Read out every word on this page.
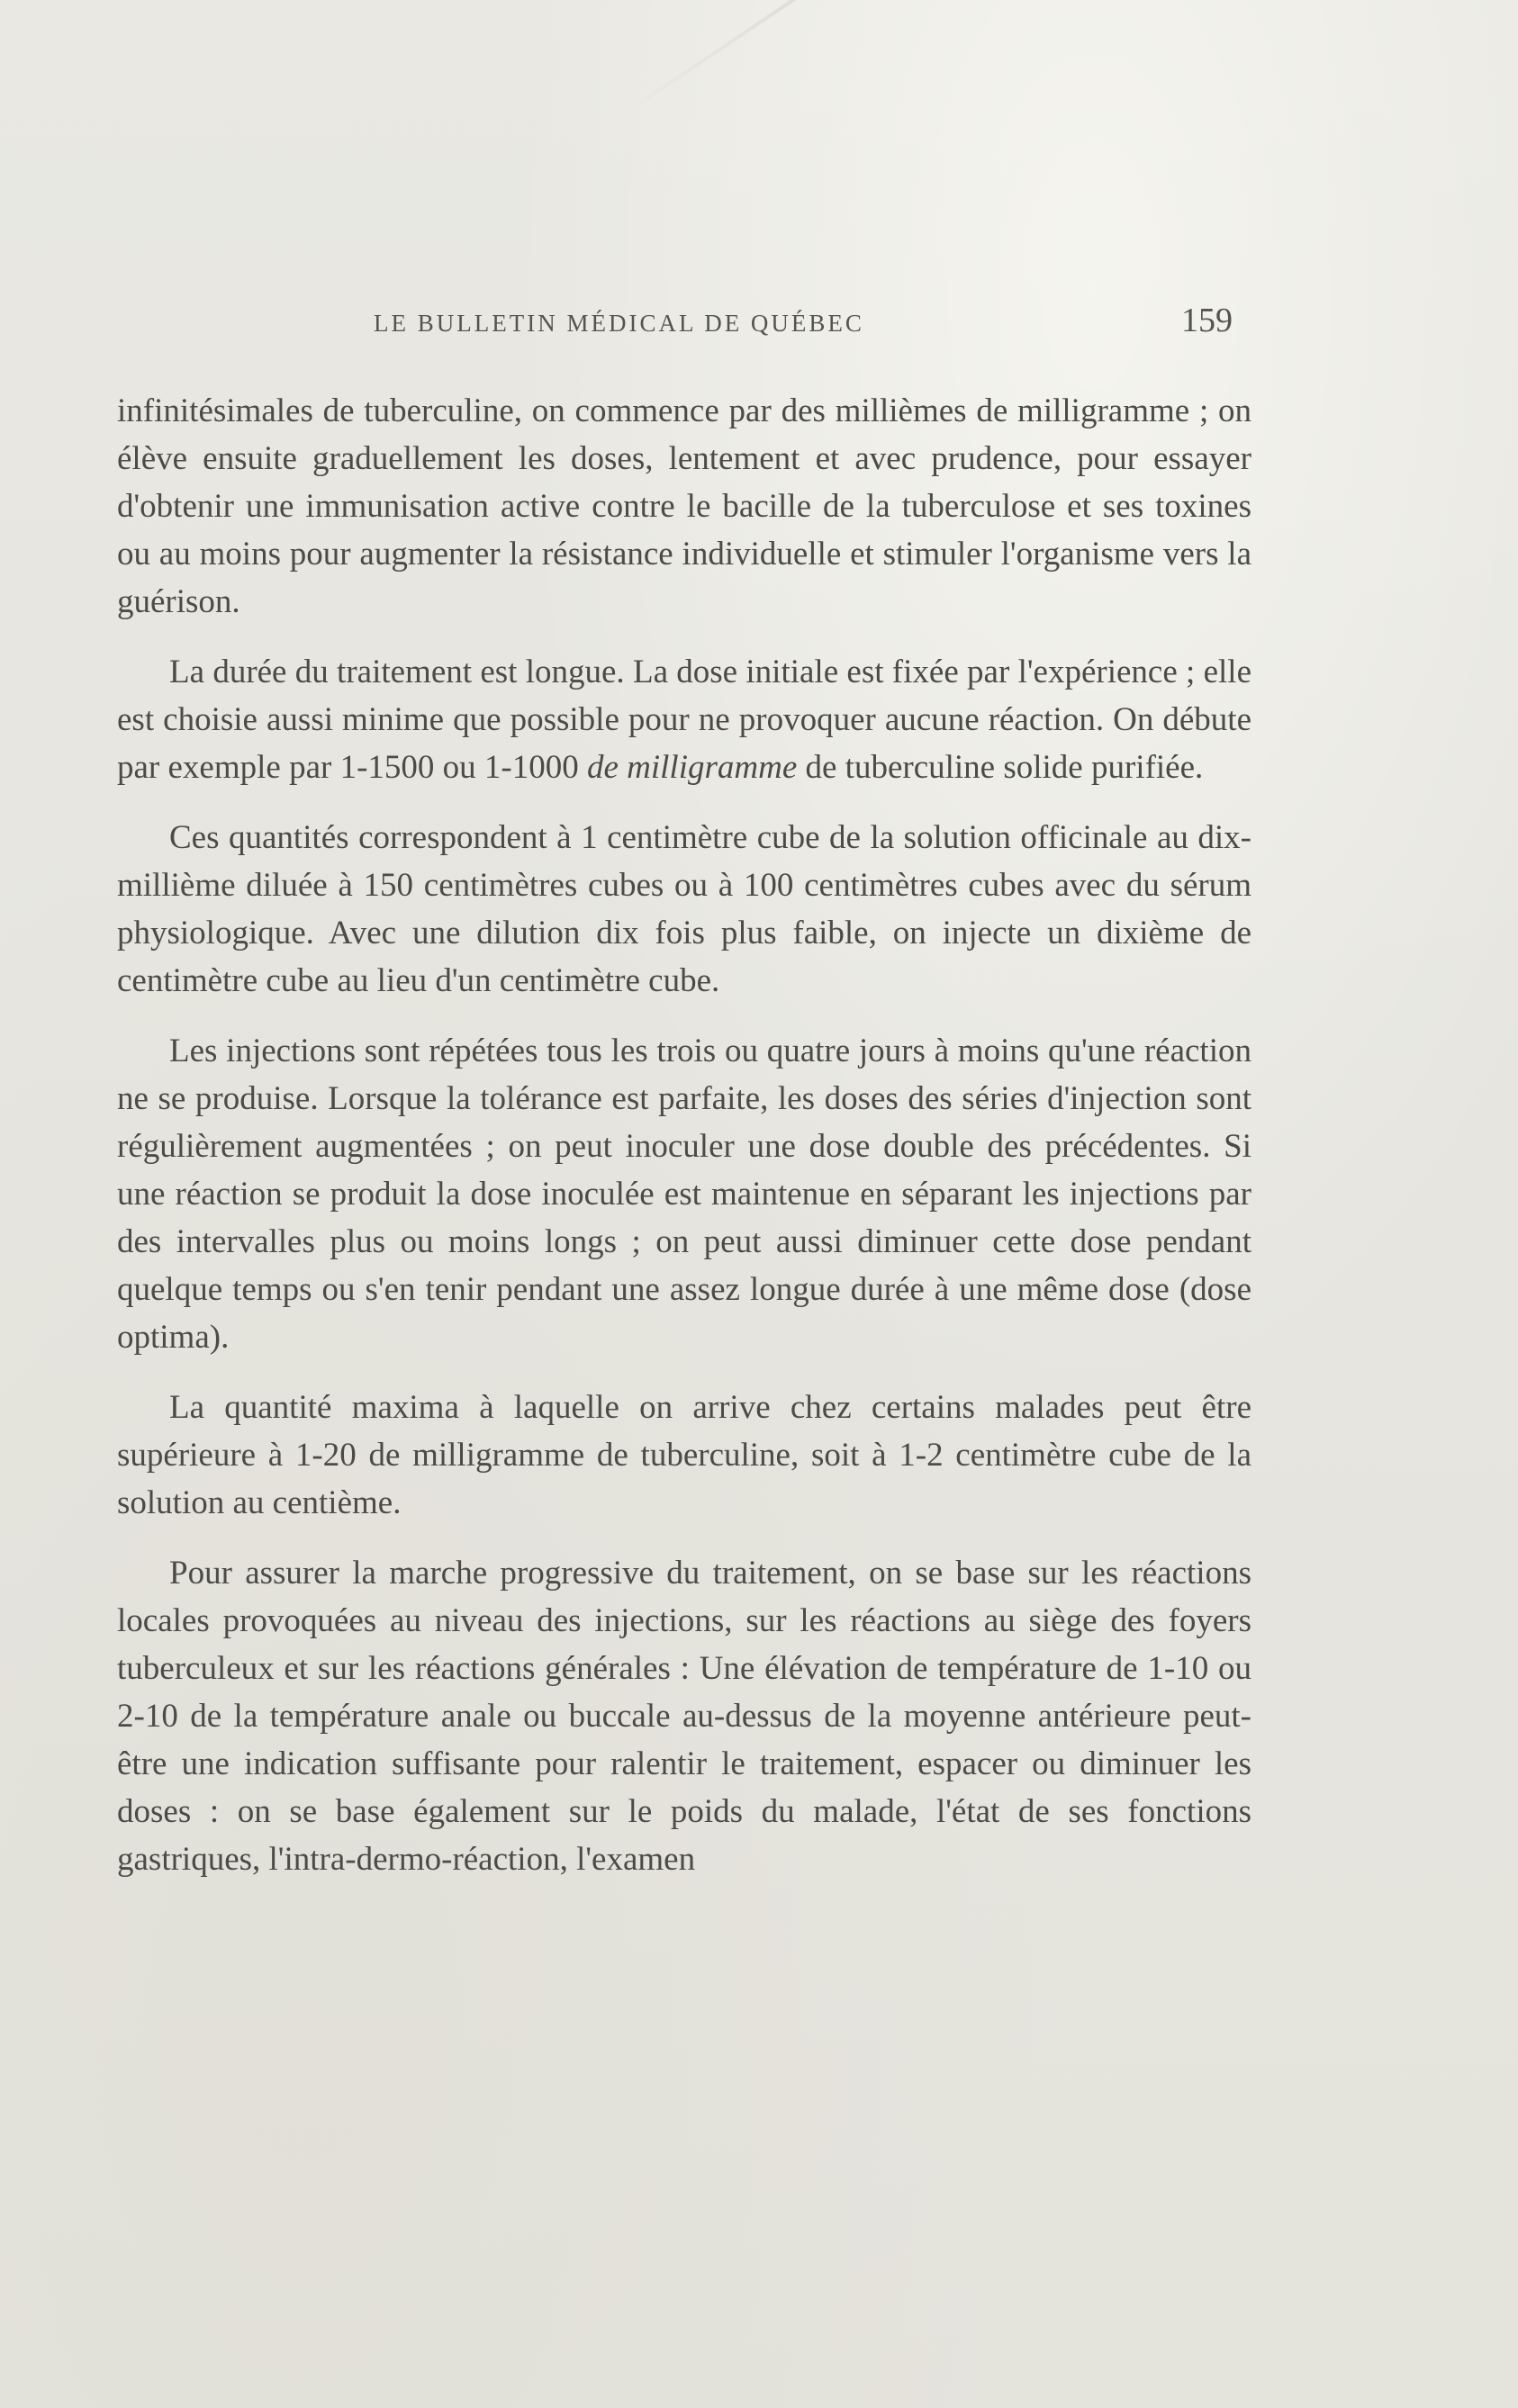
LE BULLETIN MÉDICAL DE QUÉBEC	159

infinitésimales de tuberculine, on commence par des millièmes de milligramme ; on élève ensuite graduellement les doses, lentement et avec prudence, pour essayer d'obtenir une immunisation active contre le bacille de la tuberculose et ses toxines ou au moins pour augmenter la résistance individuelle et stimuler l'organisme vers la guérison.

La durée du traitement est longue. La dose initiale est fixée par l'expérience ; elle est choisie aussi minime que possible pour ne provoquer aucune réaction. On débute par exemple par 1-1500 ou 1-1000 de milligramme de tuberculine solide purifiée.

Ces quantités correspondent à 1 centimètre cube de la solution officinale au dix-millième diluée à 150 centimètres cubes ou à 100 centimètres cubes avec du sérum physiologique. Avec une dilution dix fois plus faible, on injecte un dixième de centimètre cube au lieu d'un centimètre cube.

Les injections sont répétées tous les trois ou quatre jours à moins qu'une réaction ne se produise. Lorsque la tolérance est parfaite, les doses des séries d'injection sont régulièrement augmentées ; on peut inoculer une dose double des précédentes. Si une réaction se produit la dose inoculée est maintenue en séparant les injections par des intervalles plus ou moins longs ; on peut aussi diminuer cette dose pendant quelque temps ou s'en tenir pendant une assez longue durée à une même dose (dose optima).

La quantité maxima à laquelle on arrive chez certains malades peut être supérieure à 1-20 de milligramme de tuberculine, soit à 1-2 centimètre cube de la solution au centième.

Pour assurer la marche progressive du traitement, on se base sur les réactions locales provoquées au niveau des injections, sur les réactions au siège des foyers tuberculeux et sur les réactions générales : Une élévation de température de 1-10 ou 2-10 de la température anale ou buccale au-dessus de la moyenne antérieure peut-être une indication suffisante pour ralentir le traitement, espacer ou diminuer les doses : on se base également sur le poids du malade, l'état de ses fonctions gastriques, l'intra-dermo-réaction, l'examen
